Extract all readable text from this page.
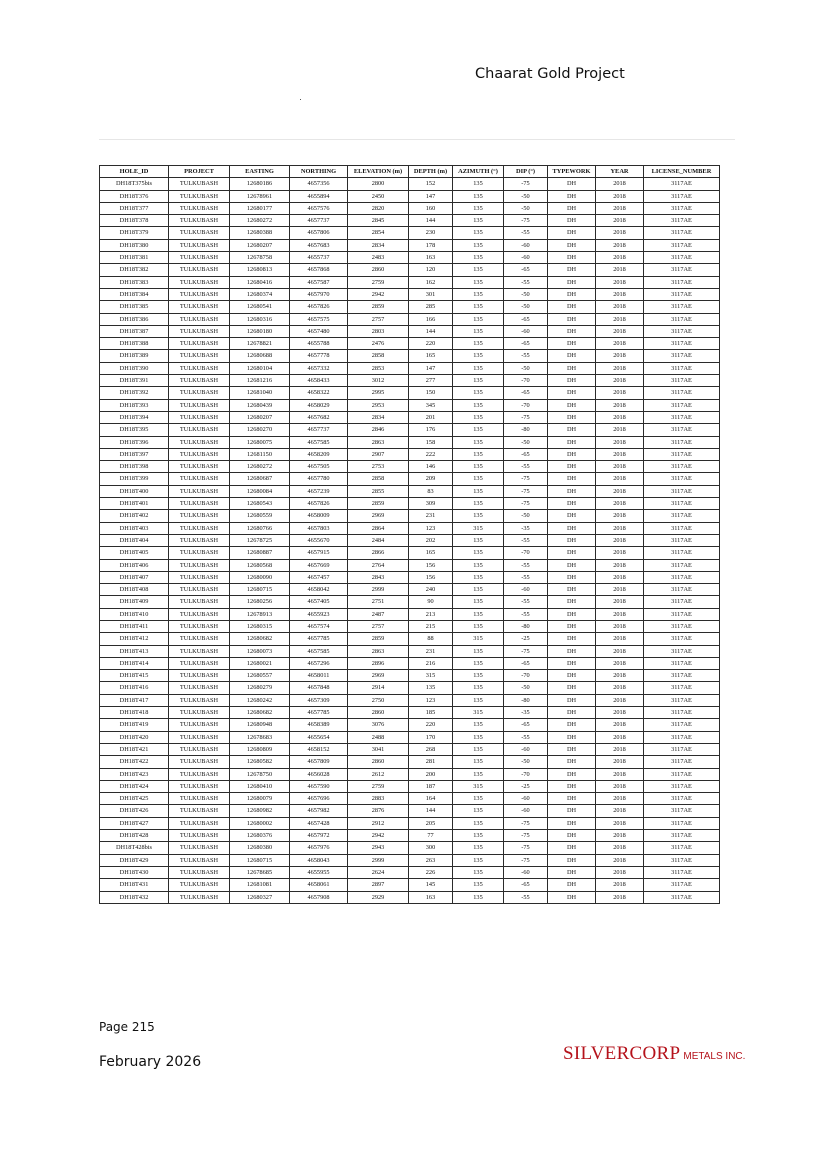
Chaarat Gold Project
HOLE_ID	PROJECT	EASTING	NORTHING	ELEVATION (m)	DEPTH (m)	AZIMUTH (°)	DIP (°)	TYPEWORK	YEAR	LICENSE_NUMBER
DH18T375bis	TULKUBASH	12680186	4657356	2800	152	135	-75	DH	2018	3117AE
DH18T376	TULKUBASH	12678961	4655894	2450	147	135	-50	DH	2018	3117AE
DH18T377	TULKUBASH	12680177	4657576	2820	160	135	-50	DH	2018	3117AE
DH18T378	TULKUBASH	12680272	4657737	2845	144	135	-75	DH	2018	3117AE
DH18T379	TULKUBASH	12680388	4657806	2854	230	135	-55	DH	2018	3117AE
DH18T380	TULKUBASH	12680207	4657683	2834	178	135	-60	DH	2018	3117AE
DH18T381	TULKUBASH	12678758	4655737	2483	163	135	-60	DH	2018	3117AE
DH18T382	TULKUBASH	12680813	4657868	2860	120	135	-65	DH	2018	3117AE
DH18T383	TULKUBASH	12680416	4657587	2759	162	135	-55	DH	2018	3117AE
DH18T384	TULKUBASH	12680374	4657970	2942	301	135	-50	DH	2018	3117AE
DH18T385	TULKUBASH	12680541	4657826	2859	285	135	-50	DH	2018	3117AE
DH18T386	TULKUBASH	12680316	4657575	2757	166	135	-65	DH	2018	3117AE
DH18T387	TULKUBASH	12680180	4657480	2803	144	135	-60	DH	2018	3117AE
DH18T388	TULKUBASH	12678821	4655788	2476	220	135	-65	DH	2018	3117AE
DH18T389	TULKUBASH	12680688	4657778	2858	165	135	-55	DH	2018	3117AE
DH18T390	TULKUBASH	12680104	4657332	2853	147	135	-50	DH	2018	3117AE
DH18T391	TULKUBASH	12681216	4658433	3012	277	135	-70	DH	2018	3117AE
DH18T392	TULKUBASH	12681040	4658322	2995	150	135	-65	DH	2018	3117AE
DH18T393	TULKUBASH	12680439	4658029	2953	345	135	-70	DH	2018	3117AE
DH18T394	TULKUBASH	12680207	4657682	2834	201	135	-75	DH	2018	3117AE
DH18T395	TULKUBASH	12680270	4657737	2846	176	135	-80	DH	2018	3117AE
DH18T396	TULKUBASH	12680075	4657585	2863	158	135	-50	DH	2018	3117AE
DH18T397	TULKUBASH	12681150	4658209	2907	222	135	-65	DH	2018	3117AE
DH18T398	TULKUBASH	12680272	4657505	2753	146	135	-55	DH	2018	3117AE
DH18T399	TULKUBASH	12680687	4657780	2858	209	135	-75	DH	2018	3117AE
DH18T400	TULKUBASH	12680084	4657239	2855	83	135	-75	DH	2018	3117AE
DH18T401	TULKUBASH	12680543	4657826	2859	309	135	-75	DH	2018	3117AE
DH18T402	TULKUBASH	12680559	4658009	2969	231	135	-50	DH	2018	3117AE
DH18T403	TULKUBASH	12680766	4657803	2864	123	315	-35	DH	2018	3117AE
DH18T404	TULKUBASH	12678725	4655670	2484	202	135	-55	DH	2018	3117AE
DH18T405	TULKUBASH	12680887	4657915	2866	165	135	-70	DH	2018	3117AE
DH18T406	TULKUBASH	12680568	4657669	2764	156	135	-55	DH	2018	3117AE
DH18T407	TULKUBASH	12680090	4657457	2843	156	135	-55	DH	2018	3117AE
DH18T408	TULKUBASH	12680715	4658042	2999	240	135	-60	DH	2018	3117AE
DH18T409	TULKUBASH	12680256	4657405	2751	90	135	-55	DH	2018	3117AE
DH18T410	TULKUBASH	12678913	4655923	2487	213	135	-55	DH	2018	3117AE
DH18T411	TULKUBASH	12680315	4657574	2757	215	135	-80	DH	2018	3117AE
DH18T412	TULKUBASH	12680682	4657785	2859	88	315	-25	DH	2018	3117AE
DH18T413	TULKUBASH	12680073	4657585	2863	231	135	-75	DH	2018	3117AE
DH18T414	TULKUBASH	12680021	4657296	2896	216	135	-65	DH	2018	3117AE
DH18T415	TULKUBASH	12680557	4658011	2969	315	135	-70	DH	2018	3117AE
DH18T416	TULKUBASH	12680279	4657848	2914	135	135	-50	DH	2018	3117AE
DH18T417	TULKUBASH	12680242	4657309	2750	123	135	-80	DH	2018	3117AE
DH18T418	TULKUBASH	12680682	4657785	2860	185	315	-35	DH	2018	3117AE
DH18T419	TULKUBASH	12680948	4658389	3076	220	135	-65	DH	2018	3117AE
DH18T420	TULKUBASH	12678683	4655654	2488	170	135	-55	DH	2018	3117AE
DH18T421	TULKUBASH	12680809	4658152	3041	268	135	-60	DH	2018	3117AE
DH18T422	TULKUBASH	12680582	4657809	2860	281	135	-50	DH	2018	3117AE
DH18T423	TULKUBASH	12678750	4656028	2612	200	135	-70	DH	2018	3117AE
DH18T424	TULKUBASH	12680410	4657590	2759	187	315	-25	DH	2018	3117AE
DH18T425	TULKUBASH	12680079	4657696	2883	164	135	-60	DH	2018	3117AE
DH18T426	TULKUBASH	12680982	4657982	2876	144	135	-60	DH	2018	3117AE
DH18T427	TULKUBASH	12680002	4657428	2912	205	135	-75	DH	2018	3117AE
DH18T428	TULKUBASH	12680376	4657972	2942	77	135	-75	DH	2018	3117AE
DH18T428bis	TULKUBASH	12680380	4657976	2943	300	135	-75	DH	2018	3117AE
DH18T429	TULKUBASH	12680715	4658043	2999	263	135	-75	DH	2018	3117AE
DH18T430	TULKUBASH	12678685	4655955	2624	226	135	-60	DH	2018	3117AE
DH18T431	TULKUBASH	12681081	4658061	2897	145	135	-65	DH	2018	3117AE
DH18T432	TULKUBASH	12680327	4657908	2929	163	135	-55	DH	2018	3117AE
Page 215
February 2026	SILVERCORP METALS INC.
